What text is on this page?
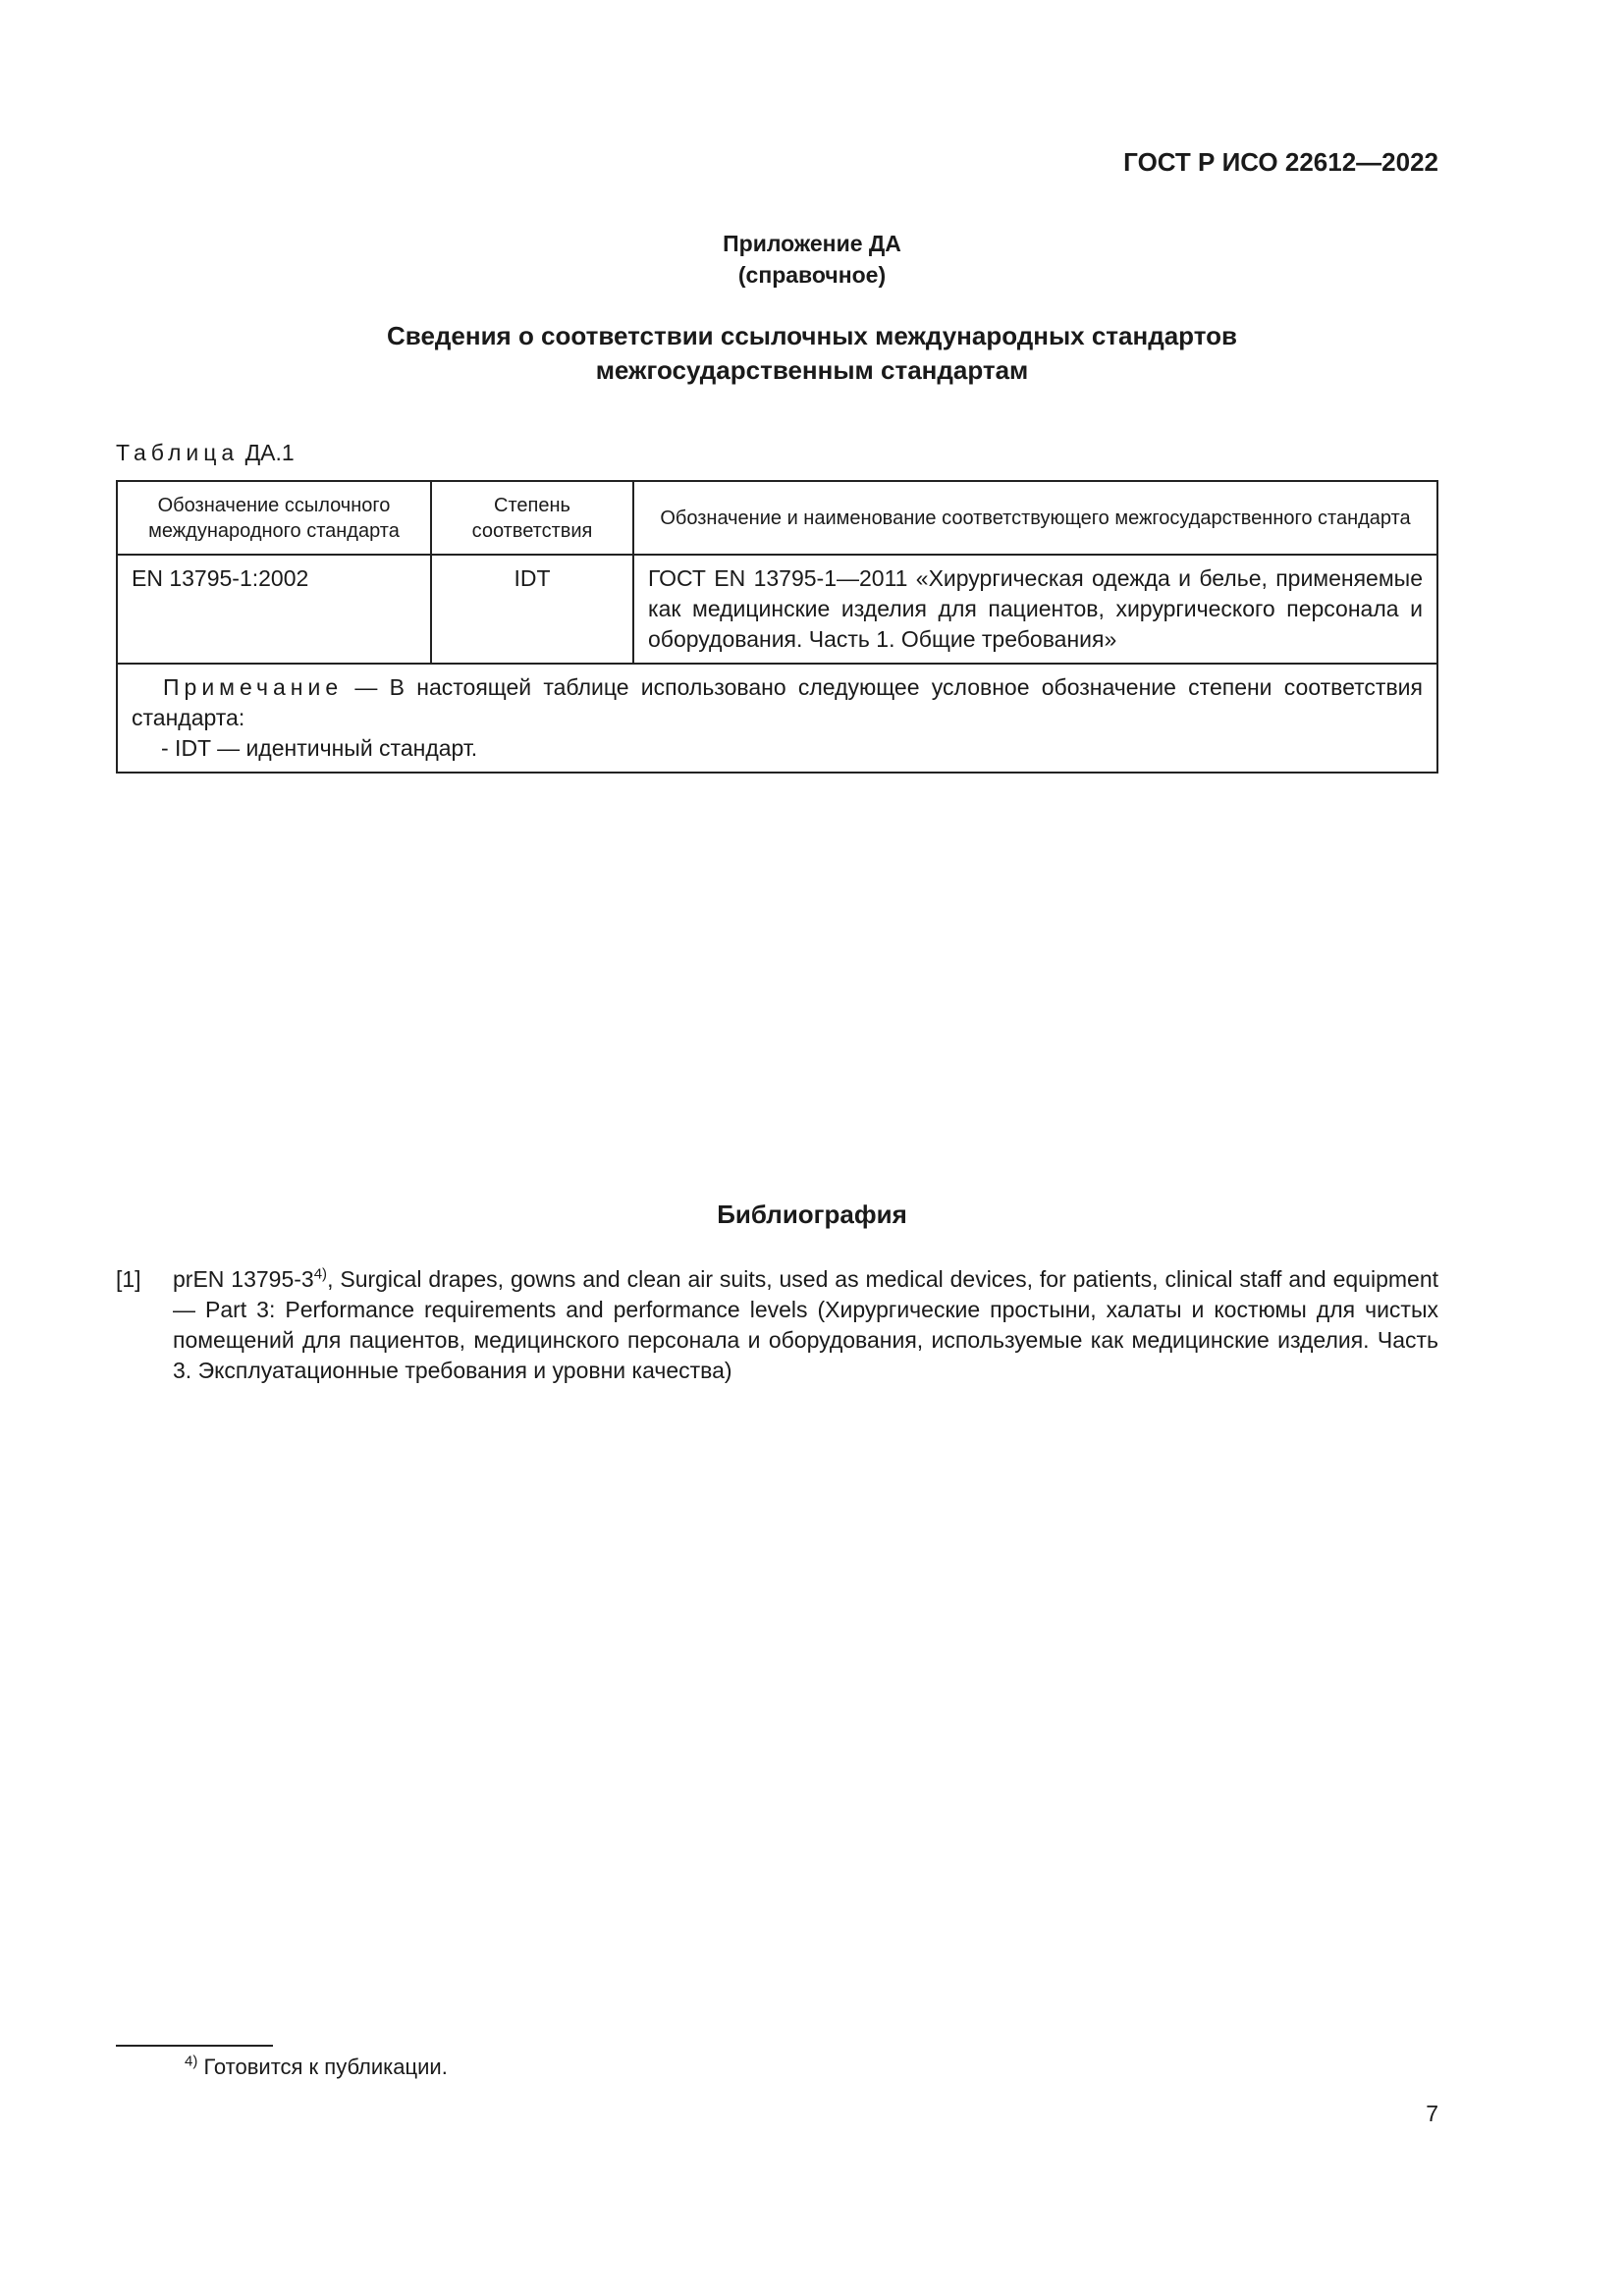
ГОСТ Р ИСО 22612—2022
Приложение ДА
(справочное)
Сведения о соответствии ссылочных международных стандартов
межгосударственным стандартам
Таблица ДА.1
Обозначение ссылочного международного стандарта	Степень соответствия	Обозначение и наименование соответствующего межгосударственного стандарта
EN 13795-1:2002	IDT	ГОСТ EN 13795-1—2011 «Хирургическая одежда и белье, применяемые как медицинские изделия для пациентов, хирургического персонала и оборудования. Часть 1. Общие требования»

Примечание — В настоящей таблице использовано следующее условное обозначение степени соответствия стандарта:

- IDT — идентичный стандарт.		

Библиография
[1]	prEN 13795-3$^{4)}$, Surgical drapes, gowns and clean air suits, used as medical devices, for patients, clinical staff and equipment — Part 3: Performance requirements and performance levels (Хирургические простыни, халаты и костюмы для чистых помещений для пациентов, медицинского персонала и оборудования, используемые как медицинские изделия. Часть 3. Эксплуатационные требования и уровни качества)
$^{4)}$ Готовится к публикации.
7
